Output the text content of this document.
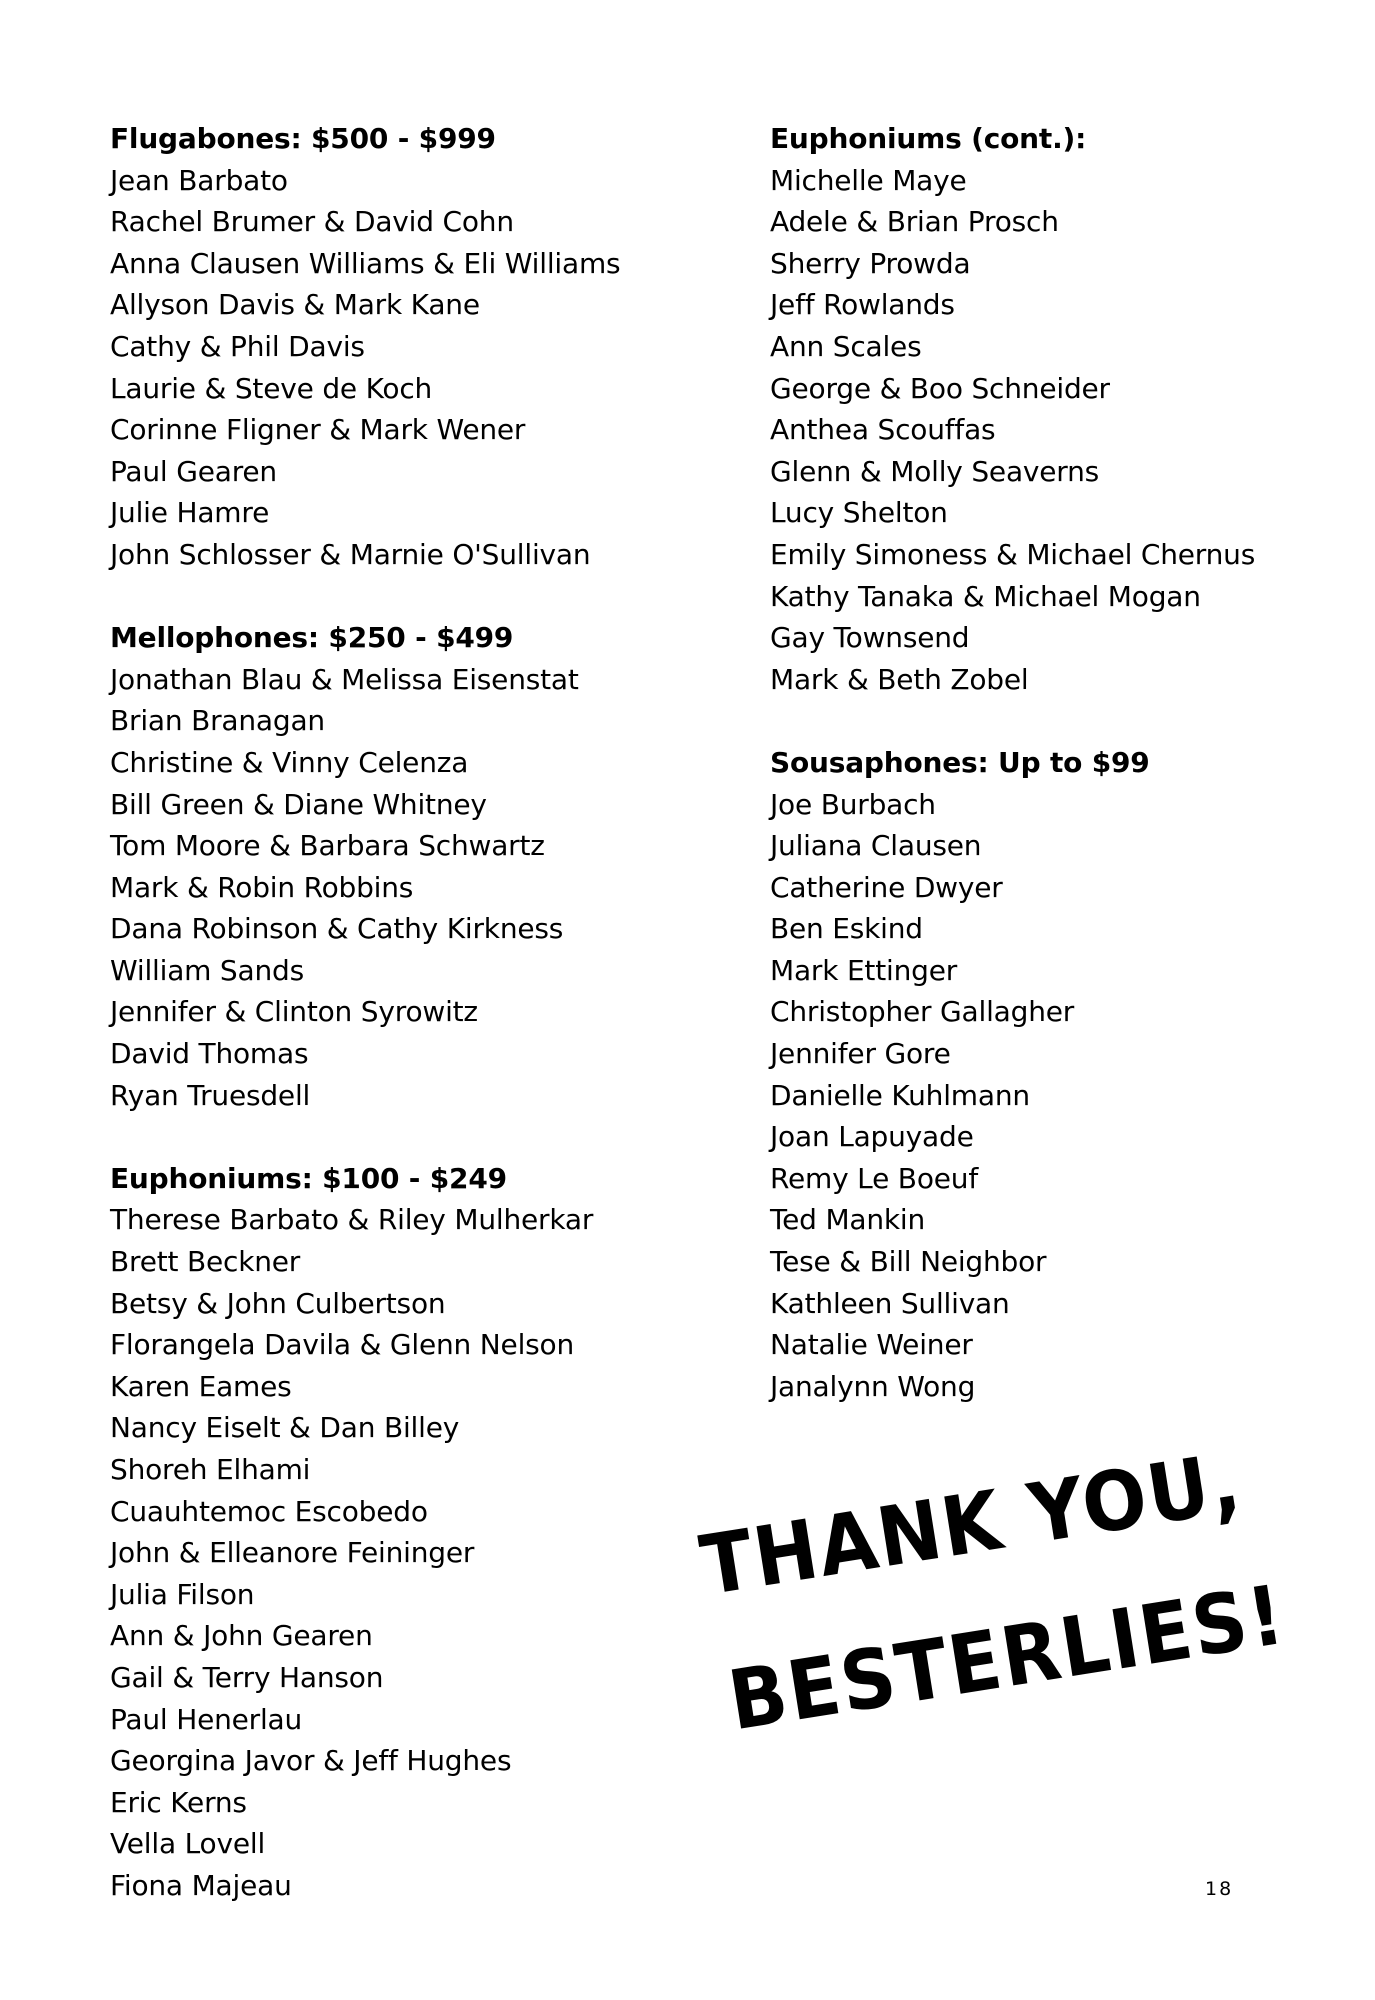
Flugabones: $500 - $999
Jean Barbato
Rachel Brumer & David Cohn
Anna Clausen Williams & Eli Williams
Allyson Davis & Mark Kane
Cathy & Phil Davis
Laurie & Steve de Koch
Corinne Fligner & Mark Wener
Paul Gearen
Julie Hamre
John Schlosser & Marnie O'Sullivan
Mellophones: $250 - $499
Jonathan Blau & Melissa Eisenstat
Brian Branagan
Christine & Vinny Celenza
Bill Green & Diane Whitney
Tom Moore & Barbara Schwartz
Mark & Robin Robbins
Dana Robinson & Cathy Kirkness
William Sands
Jennifer & Clinton Syrowitz
David Thomas
Ryan Truesdell
Euphoniums: $100 - $249
Therese Barbato & Riley Mulherkar
Brett Beckner
Betsy & John Culbertson
Florangela Davila & Glenn Nelson
Karen Eames
Nancy Eiselt & Dan Billey
Shoreh Elhami
Cuauhtemoc Escobedo
John & Elleanore Feininger
Julia Filson
Ann & John Gearen
Gail & Terry Hanson
Paul Henerlau
Georgina Javor & Jeff Hughes
Eric Kerns
Vella Lovell
Fiona Majeau
Euphoniums (cont.):
Michelle Maye
Adele & Brian Prosch
Sherry Prowda
Jeff Rowlands
Ann Scales
George & Boo Schneider
Anthea Scouffas
Glenn & Molly Seaverns
Lucy Shelton
Emily Simoness & Michael Chernus
Kathy Tanaka & Michael Mogan
Gay Townsend
Mark & Beth Zobel
Sousaphones: Up to $99
Joe Burbach
Juliana Clausen
Catherine Dwyer
Ben Eskind
Mark Ettinger
Christopher Gallagher
Jennifer Gore
Danielle Kuhlmann
Joan Lapuyade
Remy Le Boeuf
Ted Mankin
Tese & Bill Neighbor
Kathleen Sullivan
Natalie Weiner
Janalynn Wong
THANK YOU,
BESTERLIES!
18
